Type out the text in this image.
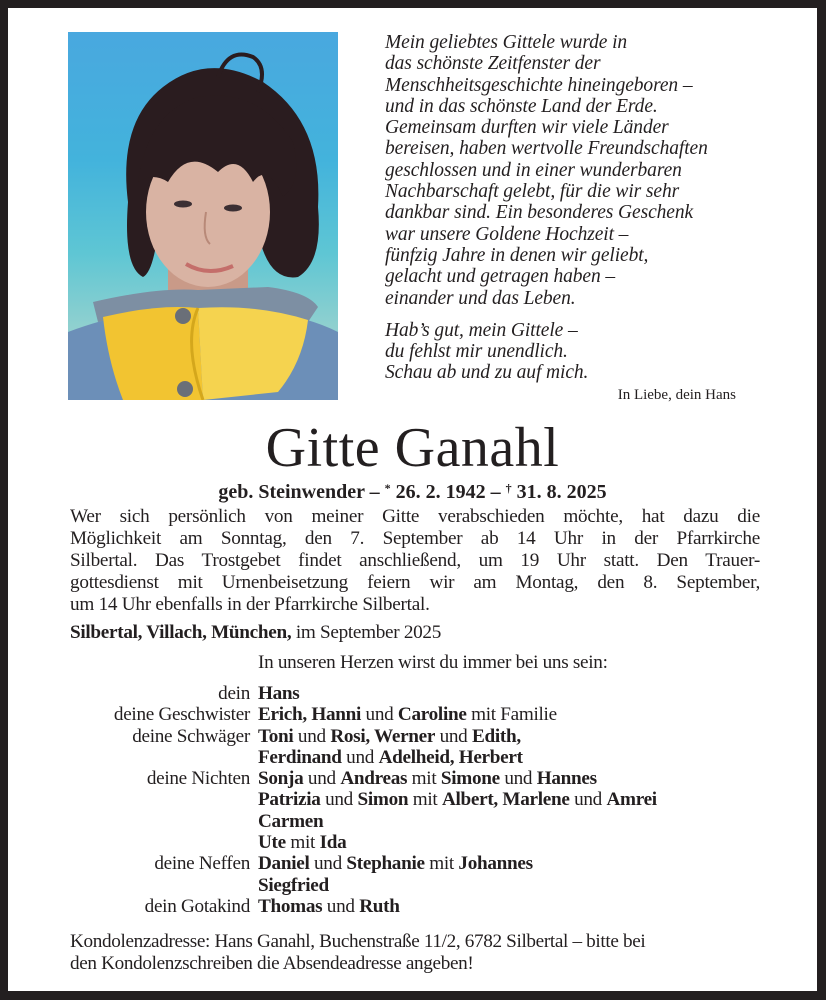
Mein geliebtes Gittele wurde in
das schönste Zeitfenster der
Menschheitsgeschichte hineingeboren –
und in das schönste Land der Erde.
Gemeinsam durften wir viele Länder
bereisen, haben wertvolle Freundschaften
geschlossen und in einer wunderbaren
Nachbarschaft gelebt, für die wir sehr
dankbar sind. Ein besonderes Geschenk
war unsere Goldene Hochzeit –
fünfzig Jahre in denen wir geliebt,
gelacht und getragen haben –
einander und das Leben.
Hab’s gut, mein Gittele –
du fehlst mir unendlich.
Schau ab und zu auf mich.
In Liebe, dein Hans
Gitte Ganahl
geb. Steinwender – * 26. 2. 1942 – † 31. 8. 2025
Wer sich persönlich von meiner Gitte verabschieden möchte, hat dazu die
Möglichkeit am Sonntag, den 7. September ab 14 Uhr in der Pfarrkirche
Silbertal. Das Trostgebet findet anschließend, um 19 Uhr statt. Den Trauer-
gottesdienst mit Urnenbeisetzung feiern wir am Montag, den 8. September,
um 14 Uhr ebenfalls in der Pfarrkirche Silbertal.
Silbertal, Villach, München, im September 2025
In unseren Herzen wirst du immer bei uns sein:
dein Hans
deine Geschwister Erich, Hanni und Caroline mit Familie
deine Schwäger Toni und Rosi, Werner und Edith,
Ferdinand und Adelheid, Herbert
deine Nichten Sonja und Andreas mit Simone und Hannes
Patrizia und Simon mit Albert, Marlene und Amrei
Carmen
Ute mit Ida
deine Neffen Daniel und Stephanie mit Johannes
Siegfried
dein Gotakind Thomas und Ruth
Kondolenzadresse: Hans Ganahl, Buchenstraße 11/2, 6782 Silbertal – bitte bei
den Kondolenzschreiben die Absendeadresse angeben!
